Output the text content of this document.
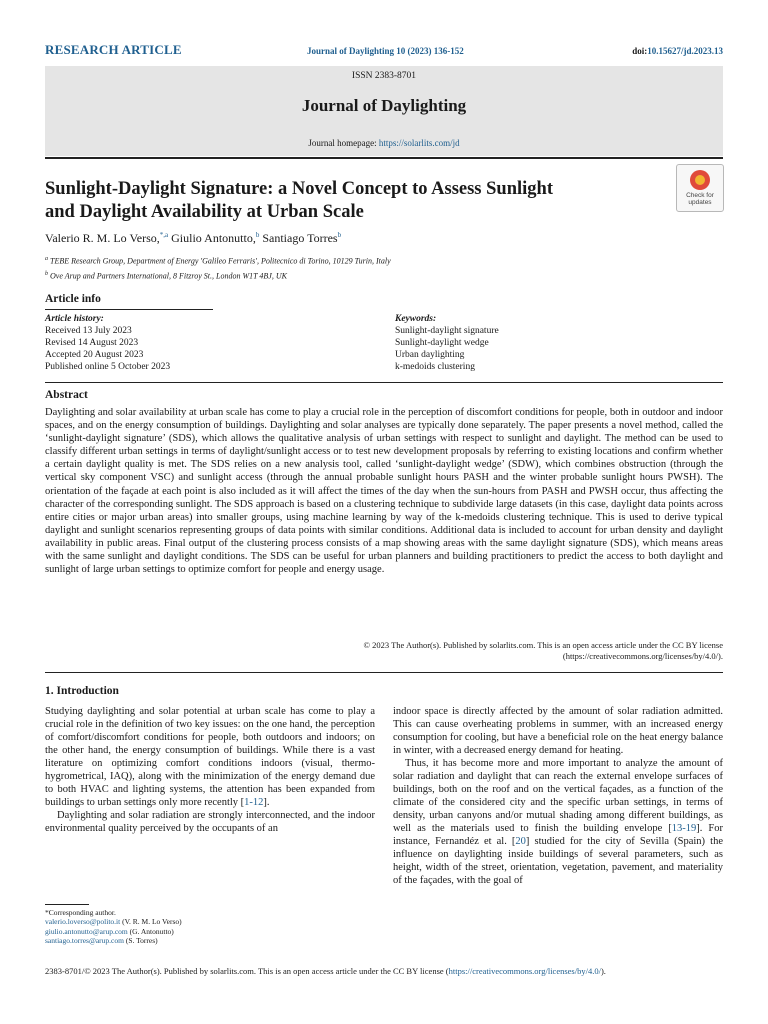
RESEARCH ARTICLE	Journal of Daylighting 10 (2023) 136-152	doi:10.15627/jd.2023.13
ISSN 2383-8701
Journal of Daylighting
Journal homepage: https://solarlits.com/jd
Sunlight-Daylight Signature: a Novel Concept to Assess Sunlight
and Daylight Availability at Urban Scale
Check for
updates
Valerio R. M. Lo Verso,$^{*,a}$ Giulio Antonutto,$^b$ Santiago Torres$^b$
$^a$ TEBE Research Group, Department of Energy 'Galileo Ferraris', Politecnico di Torino, 10129 Turin, Italy
$^b$ Ove Arup and Partners International, 8 Fitzroy St., London W1T 4BJ, UK
Article info
Article history:
Received 13 July 2023
Revised 14 August 2023
Accepted 20 August 2023
Published online 5 October 2023
Keywords:
Sunlight-daylight signature
Sunlight-daylight wedge
Urban daylighting
k-medoids clustering
Abstract
Daylighting and solar availability at urban scale has come to play a crucial role in the perception of discomfort conditions for people, both in outdoor and indoor spaces, and on the energy consumption of buildings. Daylighting and solar analyses are typically done separately. The paper presents a novel method, called the ‘sunlight-daylight signature’ (SDS), which allows the qualitative analysis of urban settings with respect to sunlight and daylight. The method can be used to classify different urban settings in terms of daylight/sunlight access or to test new development proposals by referring to existing locations and confirm whether a certain daylight quality is met. The SDS relies on a new analysis tool, called ‘sunlight-daylight wedge’ (SDW), which combines obstruction (through the vertical sky component VSC) and sunlight access (through the annual probable sunlight hours PASH and the winter probable sunlight hours PWSH). The orientation of the façade at each point is also included as it will affect the times of the day when the sun-hours from PASH and PWSH occur, thus affecting the character of the corresponding sunlight. The SDS approach is based on a clustering technique to subdivide large datasets (in this case, daylight data points across entire cities or major urban areas) into smaller groups, using machine learning by way of the k-medoids clustering technique. This is used to derive typical daylight and sunlight scenarios representing groups of data points with similar conditions. Additional data is included to account for urban density and daylight availability in public areas. Final output of the clustering process consists of a map showing areas with the same daylight signature (SDS), which means areas with the same sunlight and daylight conditions. The SDS can be useful for urban planners and building practitioners to predict the access to both daylight and sunlight of large urban settings to optimize comfort for people and energy usage.
© 2023 The Author(s). Published by solarlits.com. This is an open access article under the CC BY license
(https://creativecommons.org/licenses/by/4.0/).
1. Introduction

Studying daylighting and solar potential at urban scale has come to play a crucial role in the definition of two key issues: on the one hand, the perception of comfort/discomfort conditions for people, both outdoors and indoors; on the other hand, the energy consumption of buildings. While there is a vast literature on optimizing comfort conditions indoors (visual, thermo-hygrometrical, IAQ), along with the minimization of the energy demand due to both HVAC and lighting systems, the attention has been expanded from buildings to urban settings only more recently [1-12].

Daylighting and solar radiation are strongly interconnected, and the indoor environmental quality perceived by the occupants of an

indoor space is directly affected by the amount of solar radiation admitted. This can cause overheating problems in summer, with an increased energy consumption for cooling, but have a beneficial role on the heat energy balance in winter, with a decreased energy demand for heating.

Thus, it has become more and more important to analyze the amount of solar radiation and daylight that can reach the external envelope surfaces of buildings, both on the roof and on the vertical façades, as a function of the climate of the considered city and the specific urban settings, in terms of density, urban canyons and/or mutual shading among different buildings, as well as the materials used to finish the building envelope [13-19]. For instance, Fernandéz et al. [20] studied for the city of Sevilla (Spain) the influence on daylighting inside buildings of several parameters, such as height, width of the street, orientation, vegetation, pavement, and materiality of the façades, with the goal of

*Corresponding author.
valerio.loverso@polito.it (V. R. M. Lo Verso)
giulio.antonutto@arup.com (G. Antonutto)
santiago.torres@arup.com (S. Torres)
2383-8701/© 2023 The Author(s). Published by solarlits.com. This is an open access article under the CC BY license (https://creativecommons.org/licenses/by/4.0/).
